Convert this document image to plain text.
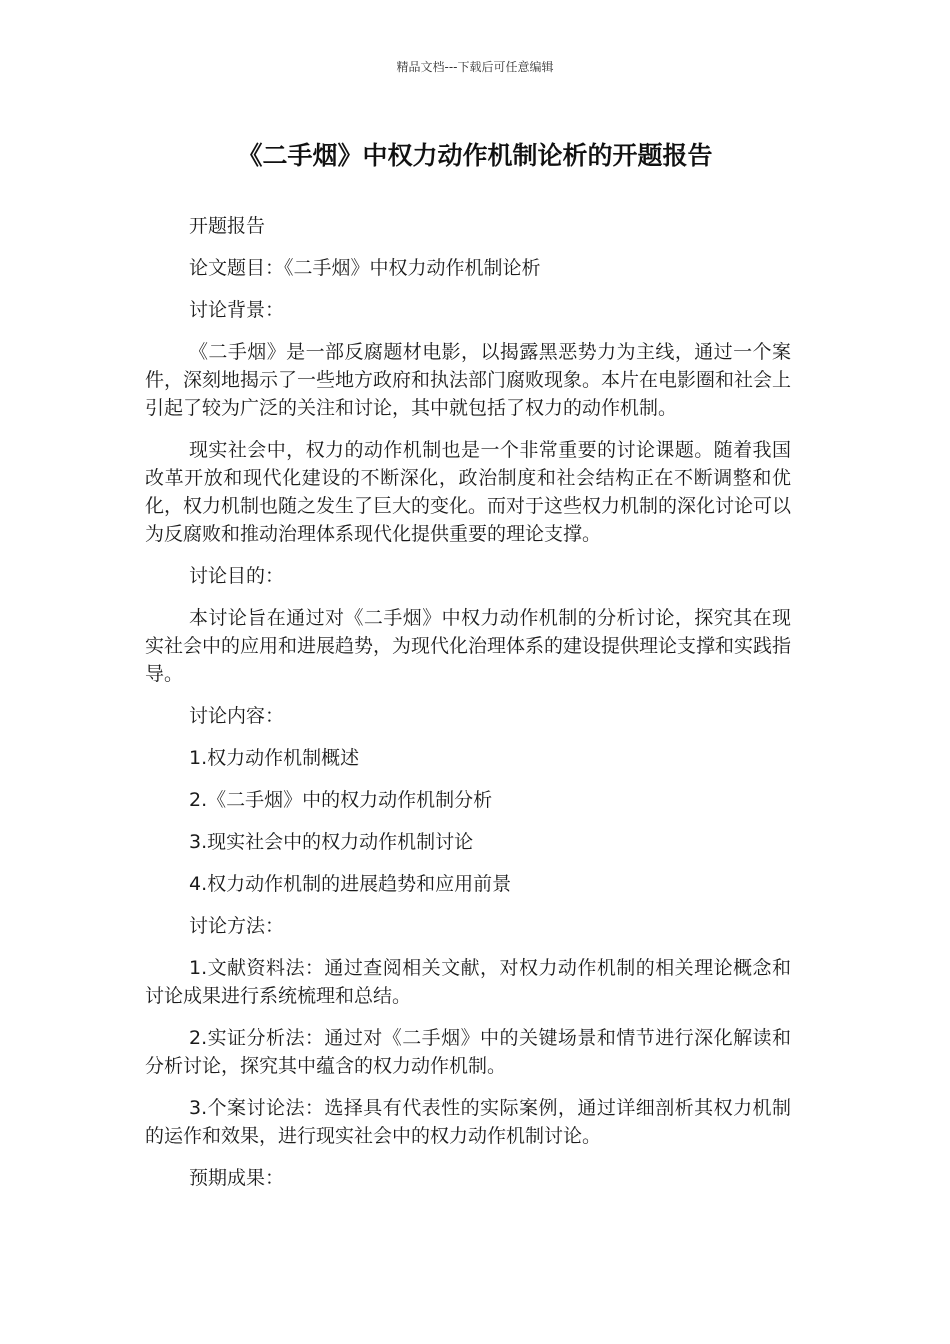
精品文档---下载后可任意编辑
《二手烟》中权力动作机制论析的开题报告

开题报告

论文题目：《二手烟》中权力动作机制论析

讨论背景：

《二手烟》是一部反腐题材电影，以揭露黑恶势力为主线，通过一个案件，深刻地揭示了一些地方政府和执法部门腐败现象。本片在电影圈和社会上引起了较为广泛的关注和讨论，其中就包括了权力的动作机制。

现实社会中，权力的动作机制也是一个非常重要的讨论课题。随着我国改革开放和现代化建设的不断深化，政治制度和社会结构正在不断调整和优化，权力机制也随之发生了巨大的变化。而对于这些权力机制的深化讨论可以为反腐败和推动治理体系现代化提供重要的理论支撑。

讨论目的：

本讨论旨在通过对《二手烟》中权力动作机制的分析讨论，探究其在现实社会中的应用和进展趋势，为现代化治理体系的建设提供理论支撑和实践指导。

讨论内容：

1.权力动作机制概述

2.《二手烟》中的权力动作机制分析

3.现实社会中的权力动作机制讨论

4.权力动作机制的进展趋势和应用前景

讨论方法：

1.文献资料法：通过查阅相关文献，对权力动作机制的相关理论概念和讨论成果进行系统梳理和总结。

2.实证分析法：通过对《二手烟》中的关键场景和情节进行深化解读和分析讨论，探究其中蕴含的权力动作机制。

3.个案讨论法：选择具有代表性的实际案例，通过详细剖析其权力机制的运作和效果，进行现实社会中的权力动作机制讨论。

预期成果：
